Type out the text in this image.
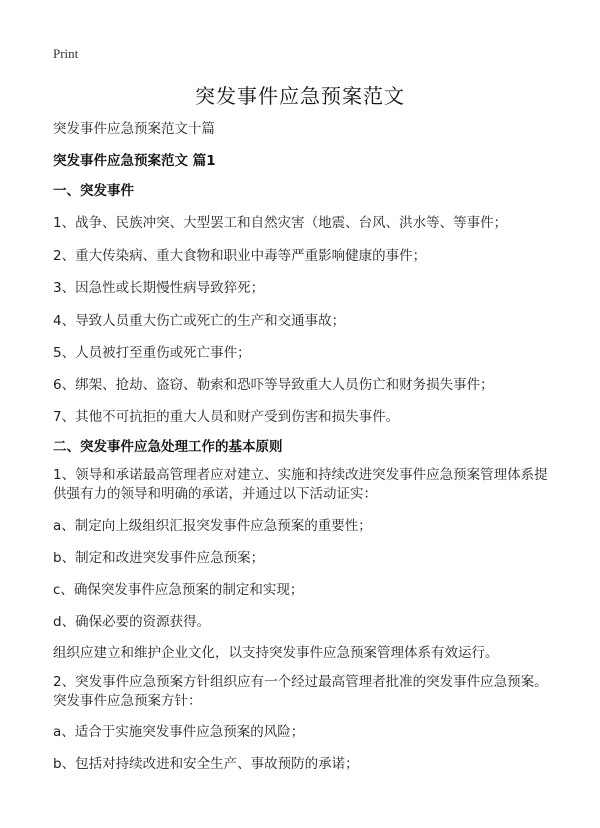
Print
突发事件应急预案范文

突发事件应急预案范文十篇

突发事件应急预案范文 篇1

一、突发事件

1、战争、民族冲突、大型罢工和自然灾害（地震、台风、洪水等、等事件；

2、重大传染病、重大食物和职业中毒等严重影响健康的事件；

3、因急性或长期慢性病导致猝死；

4、导致人员重大伤亡或死亡的生产和交通事故；

5、人员被打至重伤或死亡事件；

6、绑架、抢劫、盗窃、勒索和恐吓等导致重大人员伤亡和财务损失事件；

7、其他不可抗拒的重大人员和财产受到伤害和损失事件。

二、突发事件应急处理工作的基本原则

1、领导和承诺最高管理者应对建立、实施和持续改进突发事件应急预案管理体系提供强有力的领导和明确的承诺，并通过以下活动证实：

a、制定向上级组织汇报突发事件应急预案的重要性；

b、制定和改进突发事件应急预案；

c、确保突发事件应急预案的制定和实现；

d、确保必要的资源获得。

组织应建立和维护企业文化，以支持突发事件应急预案管理体系有效运行。

2、突发事件应急预案方针组织应有一个经过最高管理者批准的突发事件应急预案。突发事件应急预案方针：

a、适合于实施突发事件应急预案的风险；

b、包括对持续改进和安全生产、事故预防的承诺；
